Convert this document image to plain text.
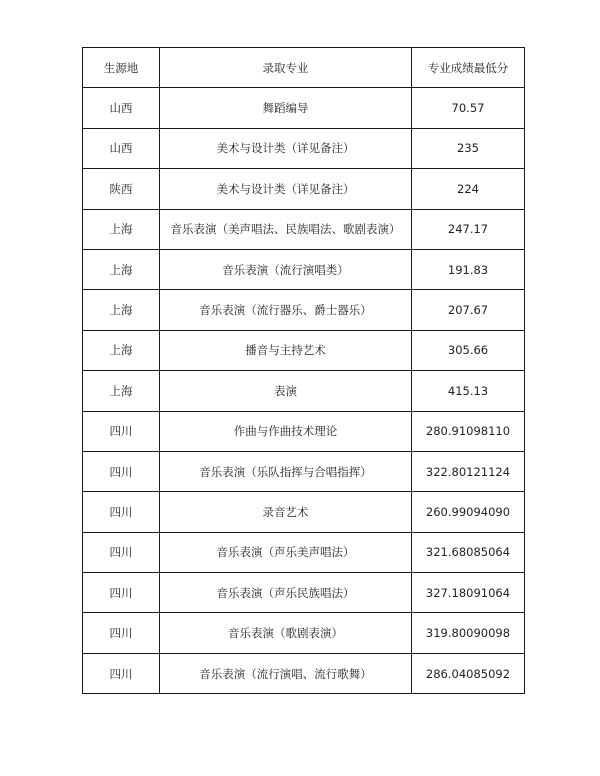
生源地	录取专业	专业成绩最低分
山西	舞蹈编导	70.57
山西	美术与设计类（详见备注）	235
陕西	美术与设计类（详见备注）	224
上海	音乐表演（美声唱法、民族唱法、歌剧表演）	247.17
上海	音乐表演（流行演唱类）	191.83
上海	音乐表演（流行器乐、爵士器乐）	207.67
上海	播音与主持艺术	305.66
上海	表演	415.13
四川	作曲与作曲技术理论	280.91098110
四川	音乐表演（乐队指挥与合唱指挥）	322.80121124
四川	录音艺术	260.99094090
四川	音乐表演（声乐美声唱法）	321.68085064
四川	音乐表演（声乐民族唱法）	327.18091064
四川	音乐表演（歌剧表演）	319.80090098
四川	音乐表演（流行演唱、流行歌舞）	286.04085092
